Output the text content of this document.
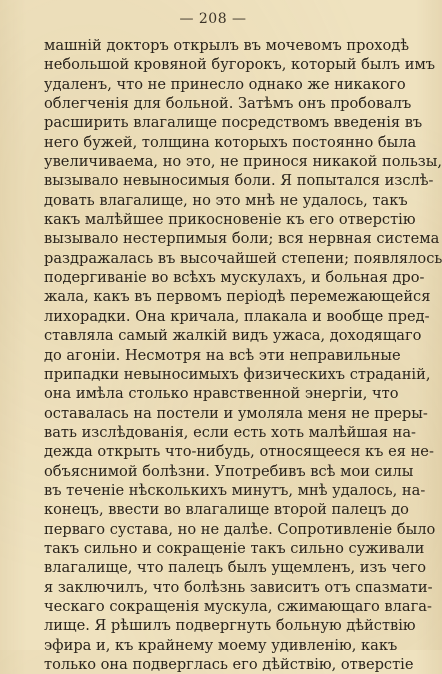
— 208 —
машній докторъ открылъ въ мочевомъ проходѣ
небольшой кровяной бугорокъ, который былъ имъ
удаленъ, что не принесло однако же никакого
облегченія для больной. Затѣмъ онъ пробовалъ
расширить влагалище посредствомъ введенія въ
него бужей, толщина которыхъ постоянно была
увеличиваема, но это, не принося никакой пользы,
вызывало невыносимыя боли. Я попытался изслѣ-
довать влагалище, но это мнѣ не удалось, такъ
какъ малѣйшее прикосновеніе къ его отверстію
вызывало нестерпимыя боли; вся нервная система
раздражалась въ высочайшей степени; появлялось
подергиваніе во всѣхъ мускулахъ, и больная дро-
жала, какъ въ первомъ періодѣ перемежающейся
лихорадки. Она кричала, плакала и вообще пред-
ставляла самый жалкій видъ ужаса, доходящаго
до агоніи. Несмотря на всѣ эти неправильные
припадки невыносимыхъ физическихъ страданій,
она имѣла столько нравственной энергіи, что
оставалась на постели и умоляла меня не преры-
вать изслѣдованія, если есть хоть малѣйшая на-
дежда открыть что-нибудь, относящееся къ ея не-
объяснимой болѣзни. Употребивъ всѣ мои силы
въ теченіе нѣсколькихъ минутъ, мнѣ удалось, на-
конецъ, ввести во влагалище второй палецъ до
перваго сустава, но не далѣе. Сопротивленіе было
такъ сильно и сокращеніе такъ сильно суживали
влагалище, что палецъ былъ ущемленъ, изъ чего
я заключилъ, что болѣзнь зависитъ отъ спазмати-
ческаго сокращенія мускула, сжимающаго влага-
лище. Я рѣшилъ подвергнуть больную дѣйствію
эфира и, къ крайнему моему удивленію, какъ
только она подверглась его дѣйствію, отверстіе
